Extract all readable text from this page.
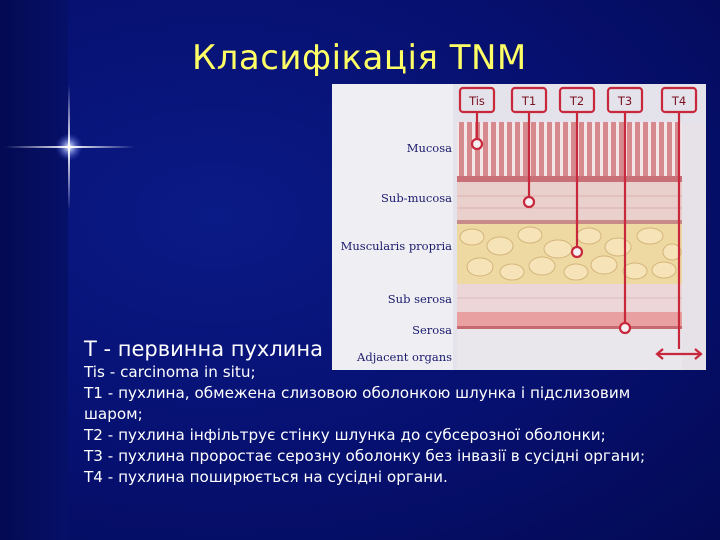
Класифікація TNM
Mucosa
Sub-mucosa
Muscularis propria
Sub serosa
Serosa
Adjacent organs
Tis	T1	T2	T3	T4
T - первинна пухлина
Tis - carcinoma in situ;
T1 - пухлина, обмежена слизовою оболонкою шлунка і підслизовим
шаром;
T2 - пухлина інфільтрує стінку шлунка до субсерозної оболонки;
T3 - пухлина проростає серозну оболонку без інвазії в сусідні органи;
T4 - пухлина поширюється на сусідні органи.
